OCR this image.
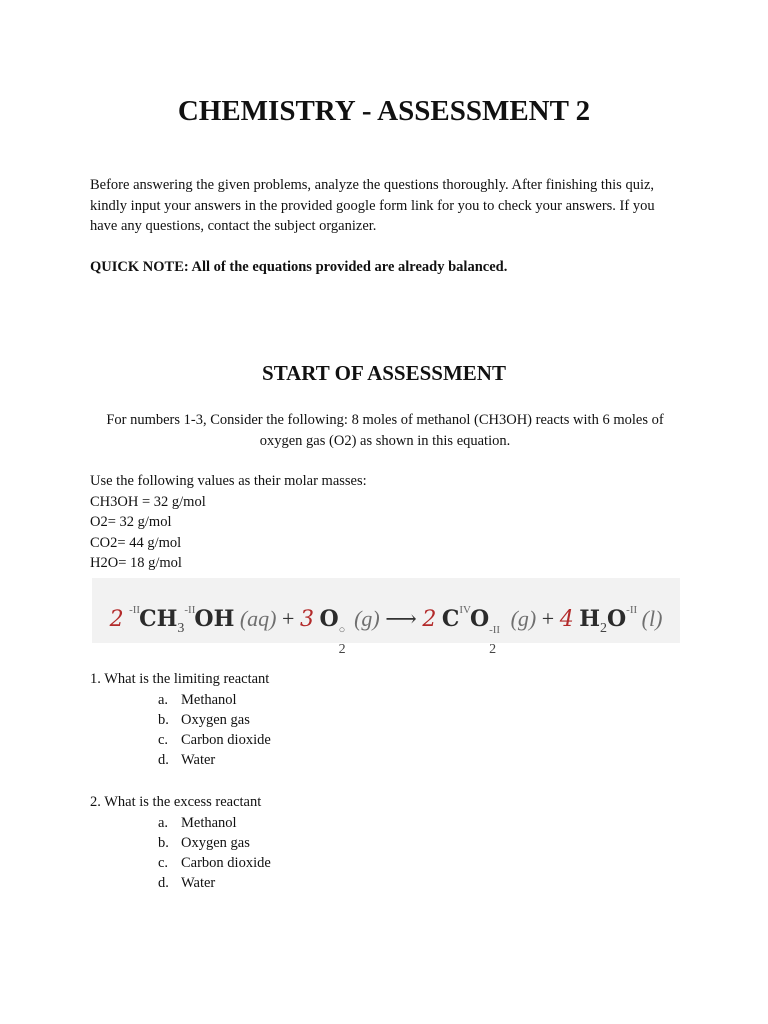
CHEMISTRY - ASSESSMENT 2

Before answering the given problems, analyze the questions thoroughly. After finishing this quiz, kindly input your answers in the provided google form link for you to check your answers. If you have any questions, contact the subject organizer.

QUICK NOTE: All of the equations provided are already balanced.

START OF ASSESSMENT

For numbers 1-3, Consider the following: 8 moles of methanol (CH3OH) reacts with 6 moles of oxygen gas (O2) as shown in this equation.

Use the following values as their molar masses:
CH3OH = 32 g/mol
O2= 32 g/mol
CO2= 44 g/mol
H2O= 18 g/mol
2 $^{-II}CH_3^{-II}OH$ (aq) + 3 O ○
2
(g) ⟶ 2 $C^{IV}O$ -II
2
(g) + 4 $H_2O^{-II}$ (l)
1. What is the limiting reactant
a. Methanol
b. Oxygen gas
c. Carbon dioxide
d. Water
2. What is the excess reactant
a. Methanol
b. Oxygen gas
c. Carbon dioxide
d. Water
